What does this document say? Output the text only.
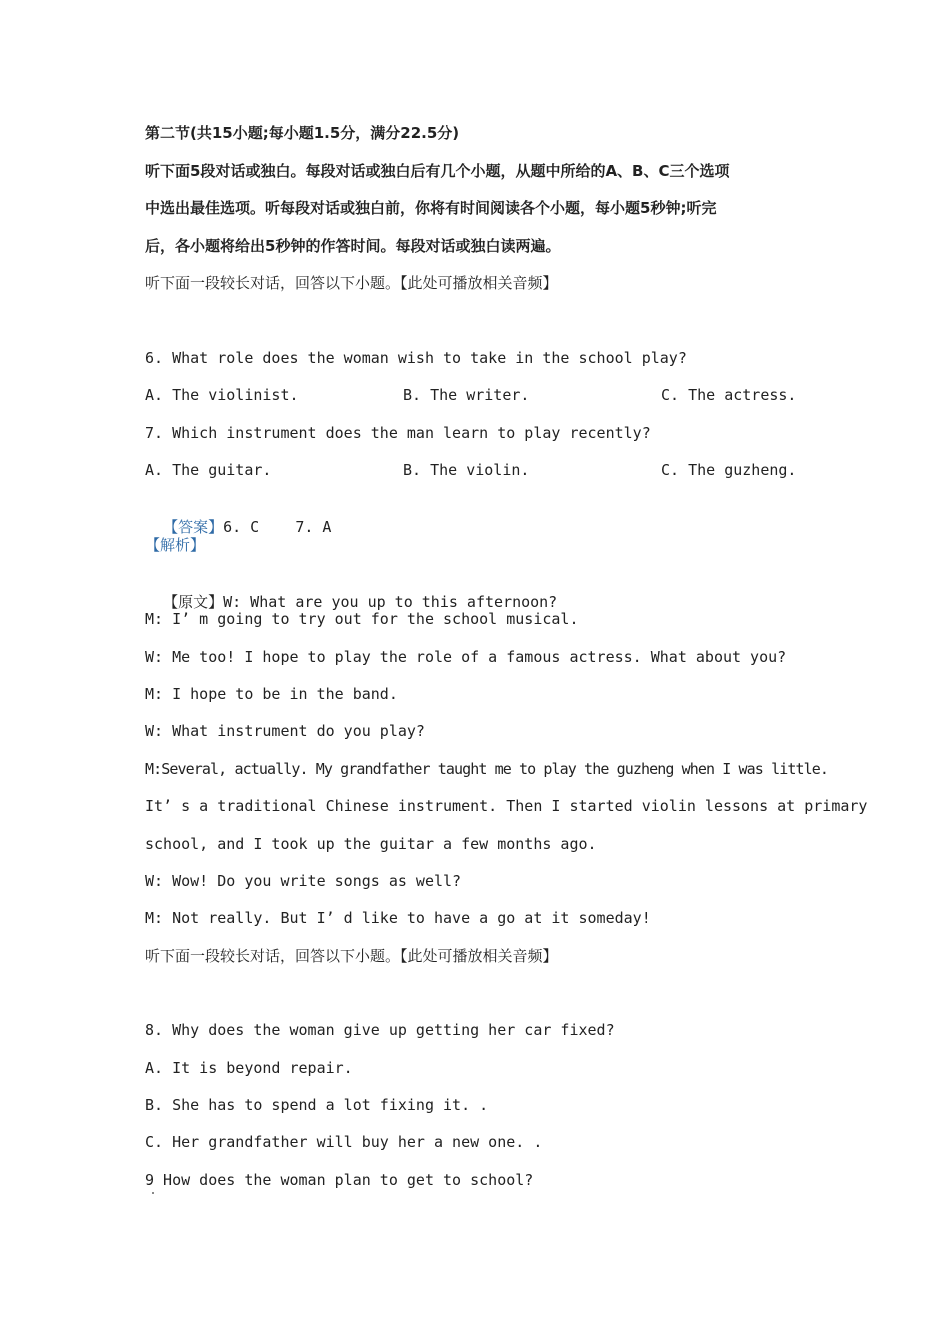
第二节(共15小题;每小题1.5分，满分22.5分)
听下面5段对话或独白。每段对话或独白后有几个小题，从题中所给的A、B、C三个选项
中选出最佳选项。听每段对话或独白前，你将有时间阅读各个小题，每小题5秒钟;听完
后，各小题将给出5秒钟的作答时间。每段对话或独白读两遍。
听下面一段较长对话，回答以下小题。【此处可播放相关音频】
6. What role does the woman wish to take in the school play?
A. The violinist.	B. The writer.	C. The actress.
7. Which instrument does the man learn to play recently?
A. The guitar.	B. The violin.	C. The guzheng.

【答案】6. C    7. A

【解析】

【原文】W: What are you up to this afternoon?

M: I’ m going to try out for the school musical.
W: Me too! I hope to play the role of a famous actress. What about you?
M: I hope to be in the band.
W: What instrument do you play?
M:Several, actually. My grandfather taught me to play the guzheng when I was little.
It’ s a traditional Chinese instrument. Then I started violin lessons at primary
school, and I took up the guitar a few months ago.
W: Wow! Do you write songs as well?
M: Not really. But I’ d like to have a go at it someday!
听下面一段较长对话，回答以下小题。【此处可播放相关音频】
8. Why does the woman give up getting her car fixed?
A. It is beyond repair.
B. She has to spend a lot fixing it. .
C. Her grandfather will buy her a new one. .
9 How does the woman plan to get to school?
